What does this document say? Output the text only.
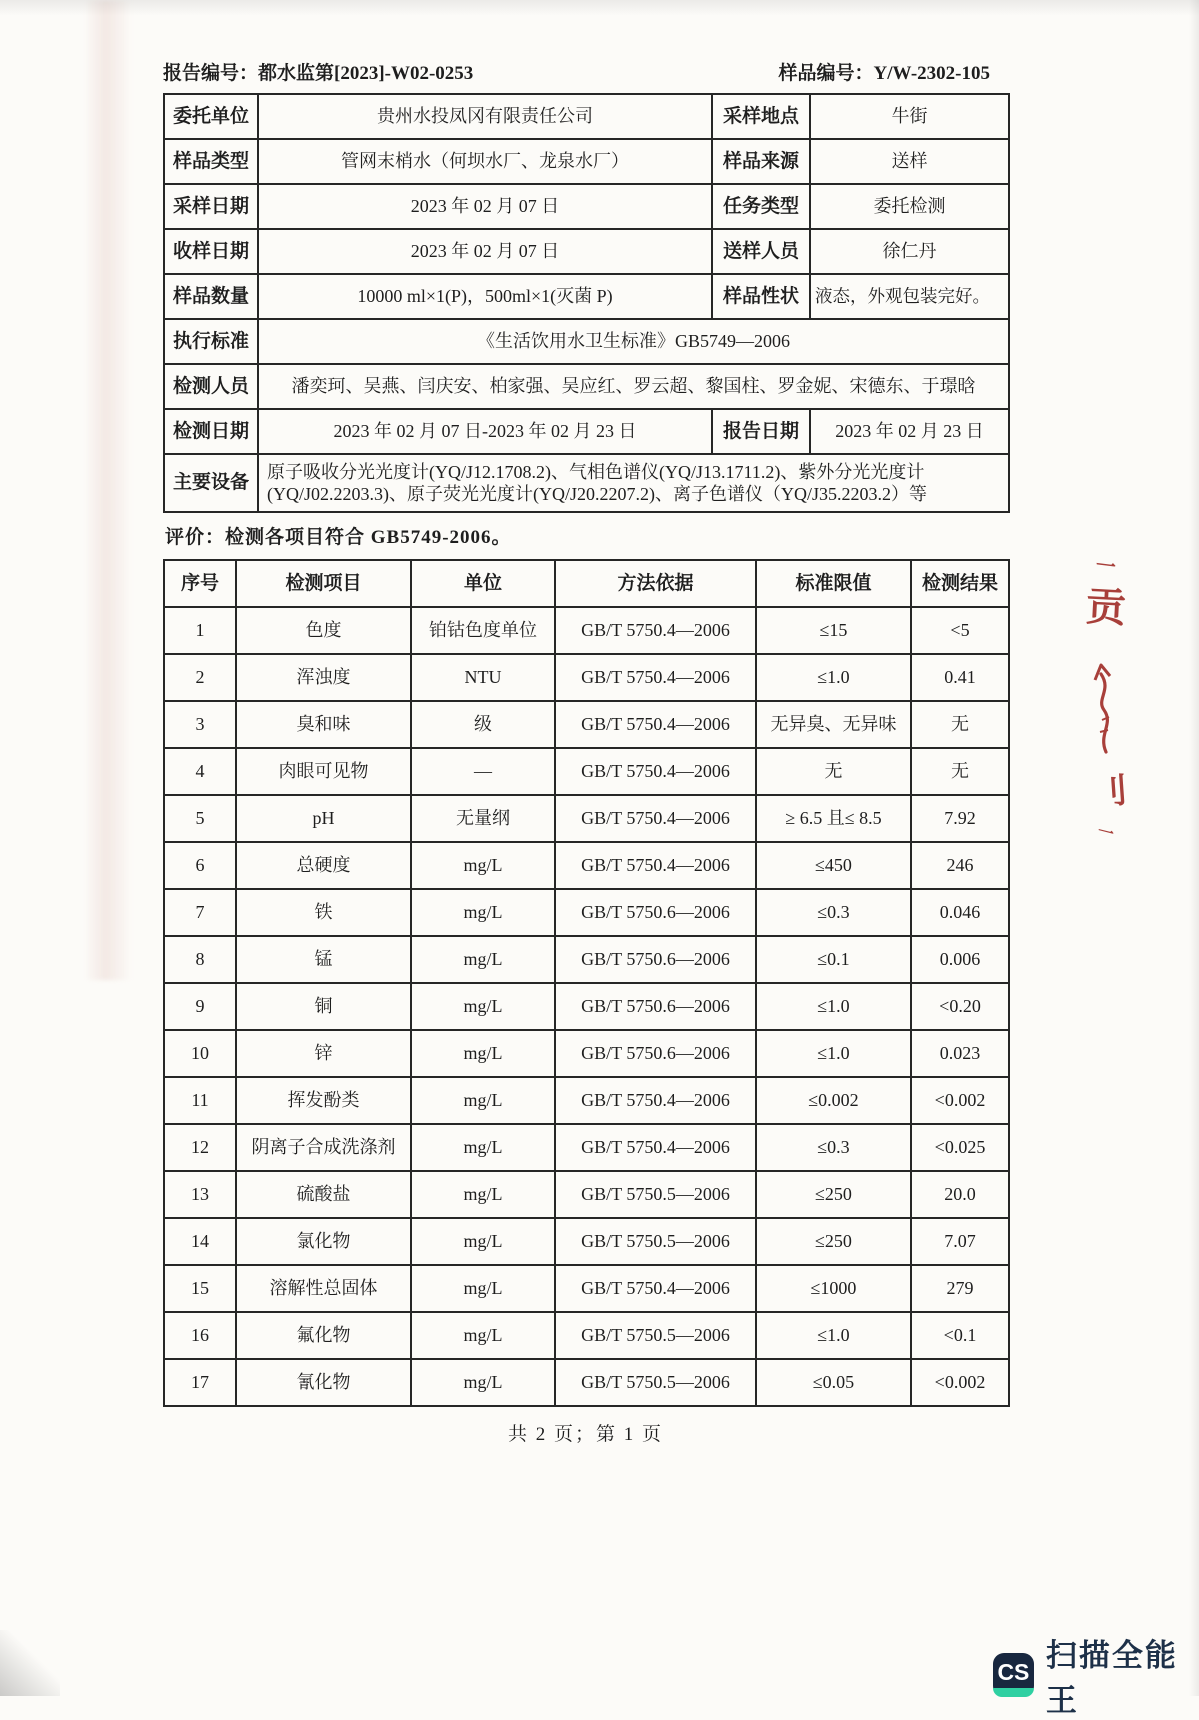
报告编号：都水监第[2023]-W02-0253	样品编号：Y/W-2302-105
委托单位	贵州水投凤冈有限责任公司	采样地点	牛街
样品类型	管网末梢水（何坝水厂、龙泉水厂）	样品来源	送样
采样日期	2023 年 02 月 07 日	任务类型	委托检测
收样日期	2023 年 02 月 07 日	送样人员	徐仁丹
样品数量	10000 ml×1(P)，500ml×1(灭菌 P)	样品性状	液态，外观包装完好。
执行标准	《生活饮用水卫生标准》GB5749—2006		
检测人员	潘奕珂、吴燕、闫庆安、柏家强、吴应红、罗云超、黎国柱、罗金妮、宋德东、于璟晗		
检测日期	2023 年 02 月 07 日-2023 年 02 月 23 日	报告日期	2023 年 02 月 23 日
主要设备	原子吸收分光光度计(YQ/J12.1708.2)、气相色谱仪(YQ/J13.1711.2)、紫外分光光度计(YQ/J02.2203.3)、原子荧光光度计(YQ/J20.2207.2)、离子色谱仪（YQ/J35.2203.2）等		
评价：检测各项目符合 GB5749-2006。
序号	检测项目	单位	方法依据	标准限值	检测结果
1	色度	铂钴色度单位	GB/T 5750.4—2006	≤15	<5
2	浑浊度	NTU	GB/T 5750.4—2006	≤1.0	0.41
3	臭和味	级	GB/T 5750.4—2006	无异臭、无异味	无
4	肉眼可见物	—	GB/T 5750.4—2006	无	无
5	pH	无量纲	GB/T 5750.4—2006	≥ 6.5 且≤ 8.5	7.92
6	总硬度	mg/L	GB/T 5750.4—2006	≤450	246
7	铁	mg/L	GB/T 5750.6—2006	≤0.3	0.046
8	锰	mg/L	GB/T 5750.6—2006	≤0.1	0.006
9	铜	mg/L	GB/T 5750.6—2006	≤1.0	<0.20
10	锌	mg/L	GB/T 5750.6—2006	≤1.0	0.023
11	挥发酚类	mg/L	GB/T 5750.4—2006	≤0.002	<0.002
12	阴离子合成洗涤剂	mg/L	GB/T 5750.4—2006	≤0.3	<0.025
13	硫酸盐	mg/L	GB/T 5750.5—2006	≤250	20.0
14	氯化物	mg/L	GB/T 5750.5—2006	≤250	7.07
15	溶解性总固体	mg/L	GB/T 5750.4—2006	≤1000	279
16	氟化物	mg/L	GB/T 5750.5—2006	≤1.0	<0.1
17	氰化物	mg/L	GB/T 5750.5—2006	≤0.05	<0.002
共 2 页；第 1 页
一
贡
刂
一
CS 扫描全能王
